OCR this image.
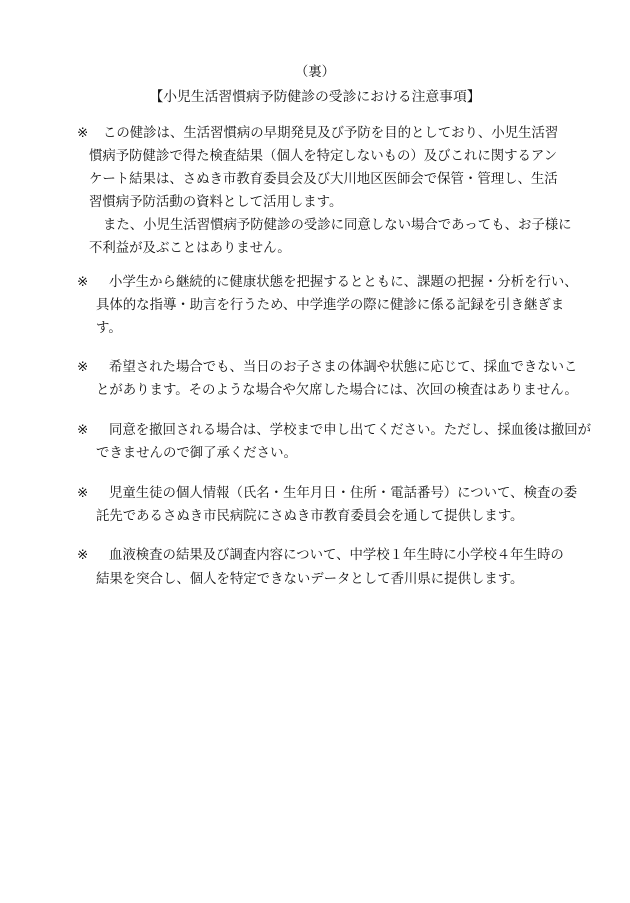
（裏）
【小児生活習慣病予防健診の受診における注意事項】
※ この健診は、生活習慣病の早期発見及び予防を目的としており、小児生活習
慣病予防健診で得た検査結果（個人を特定しないもの）及びこれに関するアン
ケート結果は、さぬき市教育委員会及び大川地区医師会で保管・管理し、生活
習慣病予防活動の資料として活用します。
また、小児生活習慣病予防健診の受診に同意しない場合であっても、お子様に
不利益が及ぶことはありません。
※ 小学生から継続的に健康状態を把握するとともに、課題の把握・分析を行い、
具体的な指導・助言を行うため、中学進学の際に健診に係る記録を引き継ぎま
す。
※ 希望された場合でも、当日のお子さまの体調や状態に応じて、採血できないこ
とがあります。そのような場合や欠席した場合には、次回の検査はありません。
※ 同意を撤回される場合は、学校まで申し出てください。ただし、採血後は撤回が
できませんので御了承ください。
※ 児童生徒の個人情報（氏名・生年月日・住所・電話番号）について、検査の委
託先であるさぬき市民病院にさぬき市教育委員会を通して提供します。
※ 血液検査の結果及び調査内容について、中学校１年生時に小学校４年生時の
結果を突合し、個人を特定できないデータとして香川県に提供します。
